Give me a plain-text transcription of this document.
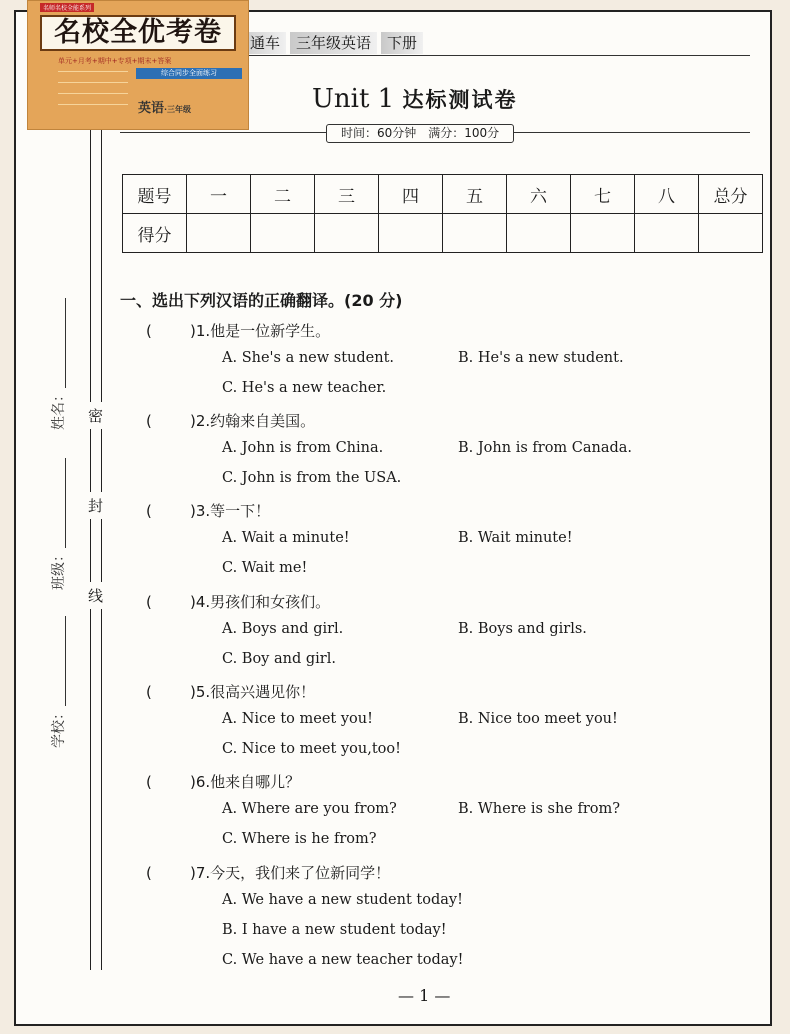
名师名校全能系列
名校全优考卷
单元+月考+期中+专项+期末+答案
综合同步全面练习
英语·三年级
通车	三年级英语	下册
Unit 1 达标测试卷
时间：60分钟　满分：100分
题号	一	二	三	四	五	六	七	八	总分
得分									
密
封
线
姓名：
班级：
学校：
一、选出下列汉语的正确翻译。(20 分)
(	)1.他是一位新学生。
A. She's a new student.	B. He's a new student.
C. He's a new teacher.
(	)2.约翰来自美国。
A. John is from China.	B. John is from Canada.
C. John is from the USA.
(	)3.等一下！
A. Wait a minute!	B. Wait minute!
C. Wait me!
(	)4.男孩们和女孩们。
A. Boys and girl.	B. Boys and girls.
C. Boy and girl.
(	)5.很高兴遇见你！
A. Nice to meet you!	B. Nice too meet you!
C. Nice to meet you,too!
(	)6.他来自哪儿？
A. Where are you from?	B. Where is she from?
C. Where is he from?
(	)7.今天，我们来了位新同学！
A. We have a new student today!
B. I have a new student today!
C. We have a new teacher today!
— 1 —
